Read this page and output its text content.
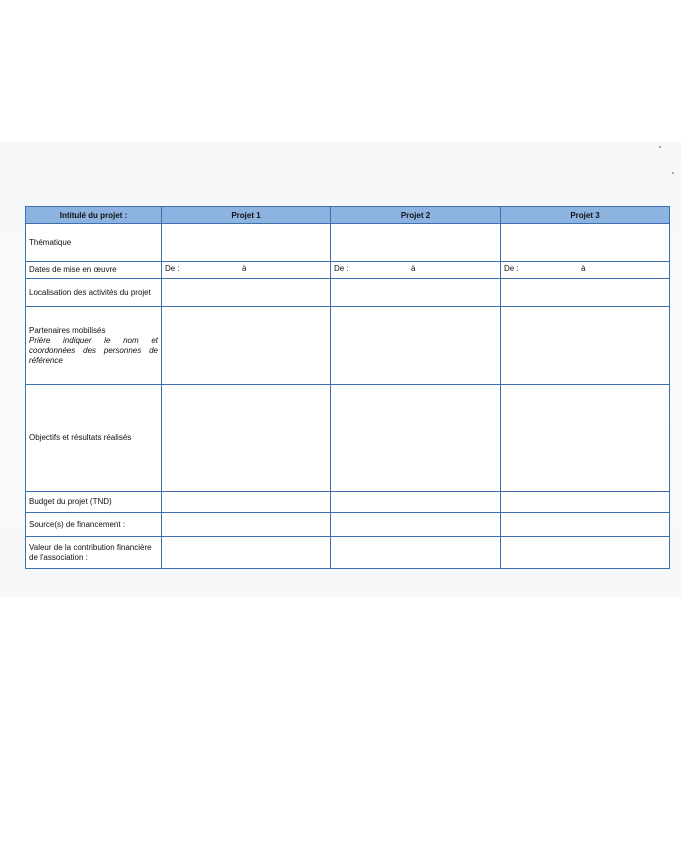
Intitulé du projet :	Projet 1	Projet 2	Projet 3
Thématique			
Dates de mise en œuvre	De : à	De : à	De : à

Localisation des activités du projet			

Partenaires mobilisés
Prière indiquer le nom et
coordonnées des personnes de
référence			

Objectifs et résultats réalisés			
Budget du projet (TND)			
Source(s) de financement :			
Valeur de la contribution financière de l'association :			
